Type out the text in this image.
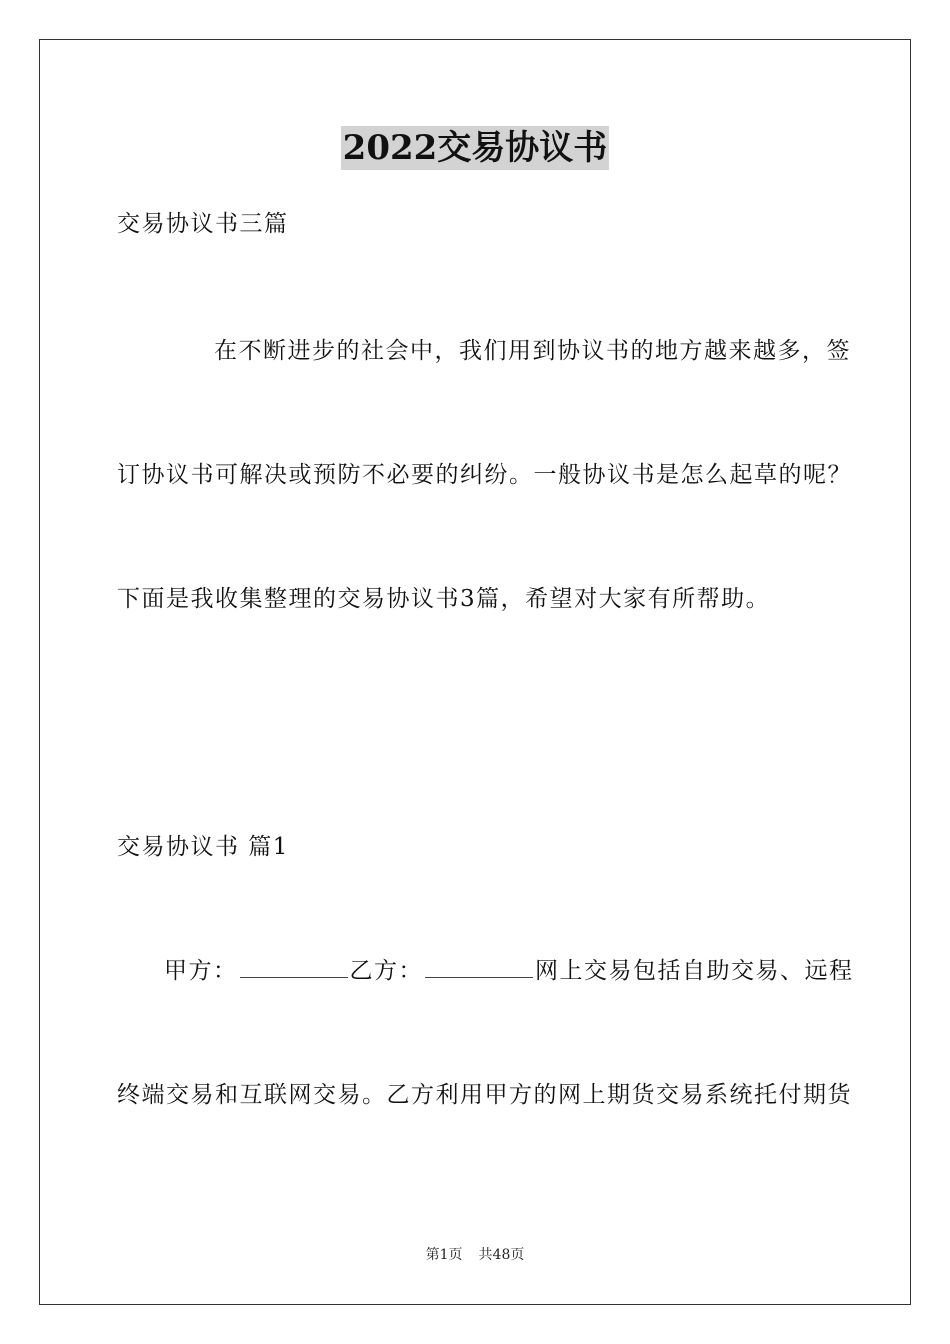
2022交易协议书
交易协议书三篇
在不断进步的社会中，我们用到协议书的地方越来越多，签
订协议书可解决或预防不必要的纠纷。一般协议书是怎么起草的呢？
下面是我收集整理的交易协议书3篇，希望对大家有所帮助。
交易协议书 篇1
甲方：	乙方：	网上交易包括自助交易、远程
终端交易和互联网交易。乙方利用甲方的网上期货交易系统托付期货
第1页 共48页
